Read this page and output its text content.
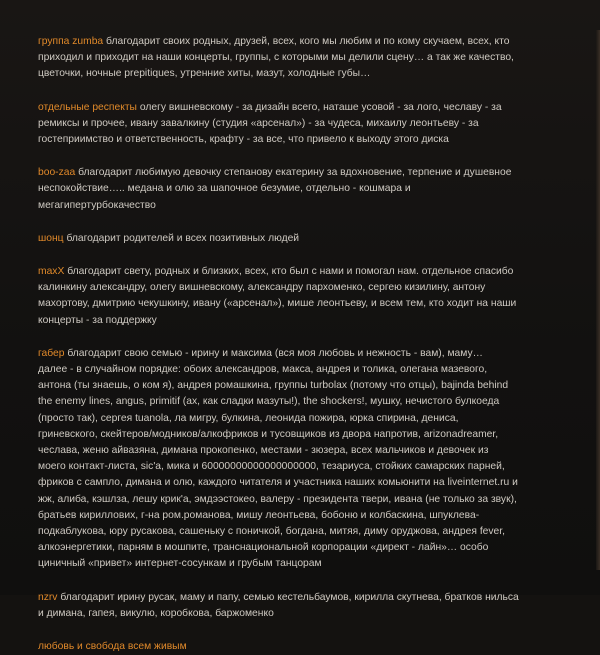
группа zumba благодарит своих родных, друзей, всех, кого мы любим и по кому скучаем, всех, кто
приходил и приходит на наши концерты, группы, с которыми мы делили сцену… а так же качество,
цветочки, ночные prepitiques, утренние хиты, мазут, холодные губы…

отдельные респекты олегу вишневскому - за дизайн всего, наташе усовой - за лого, чеславу - за
ремиксы и прочее, ивану завалкину (студия «арсенал») - за чудеса, михаилу леонтьеву - за
гостеприимство и ответственность, крафту - за все, что привело к выходу этого диска

boo-zaa благодарит любимую девочку степанову екатерину за вдохновение, терпение и душевное
неспокойствие….. медана и олю за шапочное безумие, отдельно - кошмара и
мегагипертурбокачество

шонц благодарит родителей и всех позитивных людей

maxX благодарит свету, родных и близких, всех, кто был с нами и помогал нам. отдельное спасибо
калинкину александру, олегу вишневскому, александру пархоменко, сергею кизилину, антону
махортову, дмитрию чекушкину, ивану («арсенал»), мише леонтьеву, и всем тем, кто ходит на наши
концерты - за поддержку

габер благодарит свою семью - ирину и максима (вся моя любовь и нежность - вам), маму…
далее - в случайном порядке: обоих александров, макса, андрея и толика, олегана мазевого,
антона (ты знаешь, о ком я), андрея ромашкина, группы turbolax (потому что отцы), bajinda behind
the enemy lines, angus, primitif (ах, как сладки мазуты!), the shockers!, мушку, нечистого булкоеда
(просто так), сергея tuanola, ла мигру, булкина, леонида пожира, юрка спирина, дениса,
гриневского, скейтеров/модников/алкофриков и тусовщиков из двора напротив, arizonadreamer,
чеслава, женю айвазяна, димана прокопенко, местами - зюзера, всех мальчиков и девочек из
моего контакт-листа, sic'a, мика и 60000000000000000000, тезариуса, стойких самарских парней,
фриков с сампло, димана и олю, каждого читателя и участника наших комьюнити на liveinternet.ru и
жж, алиба, кэшлза, лешу крик'а, эмдээстокео, валеру - президента твери, ивана (не только за звук),
братьев кириллових, г-на ром.романова, мишу леонтьева, бобоню и колбаскина, шпуклева-
подкаблукова, юру русакова, сашеньку с поничкой, богдана, митяя, диму оруджова, андрея fever,
алкоэнергетики, парням в мошпите, транснациональной корпорации «директ - лайн»… особо
циничный «привет» интернет-сосункам и грубым танцорам

nzrv благодарит ирину русак, маму и папу, семью кестельбаумов, кирилла скутнева, братков нильса
и димана, гапея, викулю, коробкова, баржоменко

любовь и свобода всем живым
